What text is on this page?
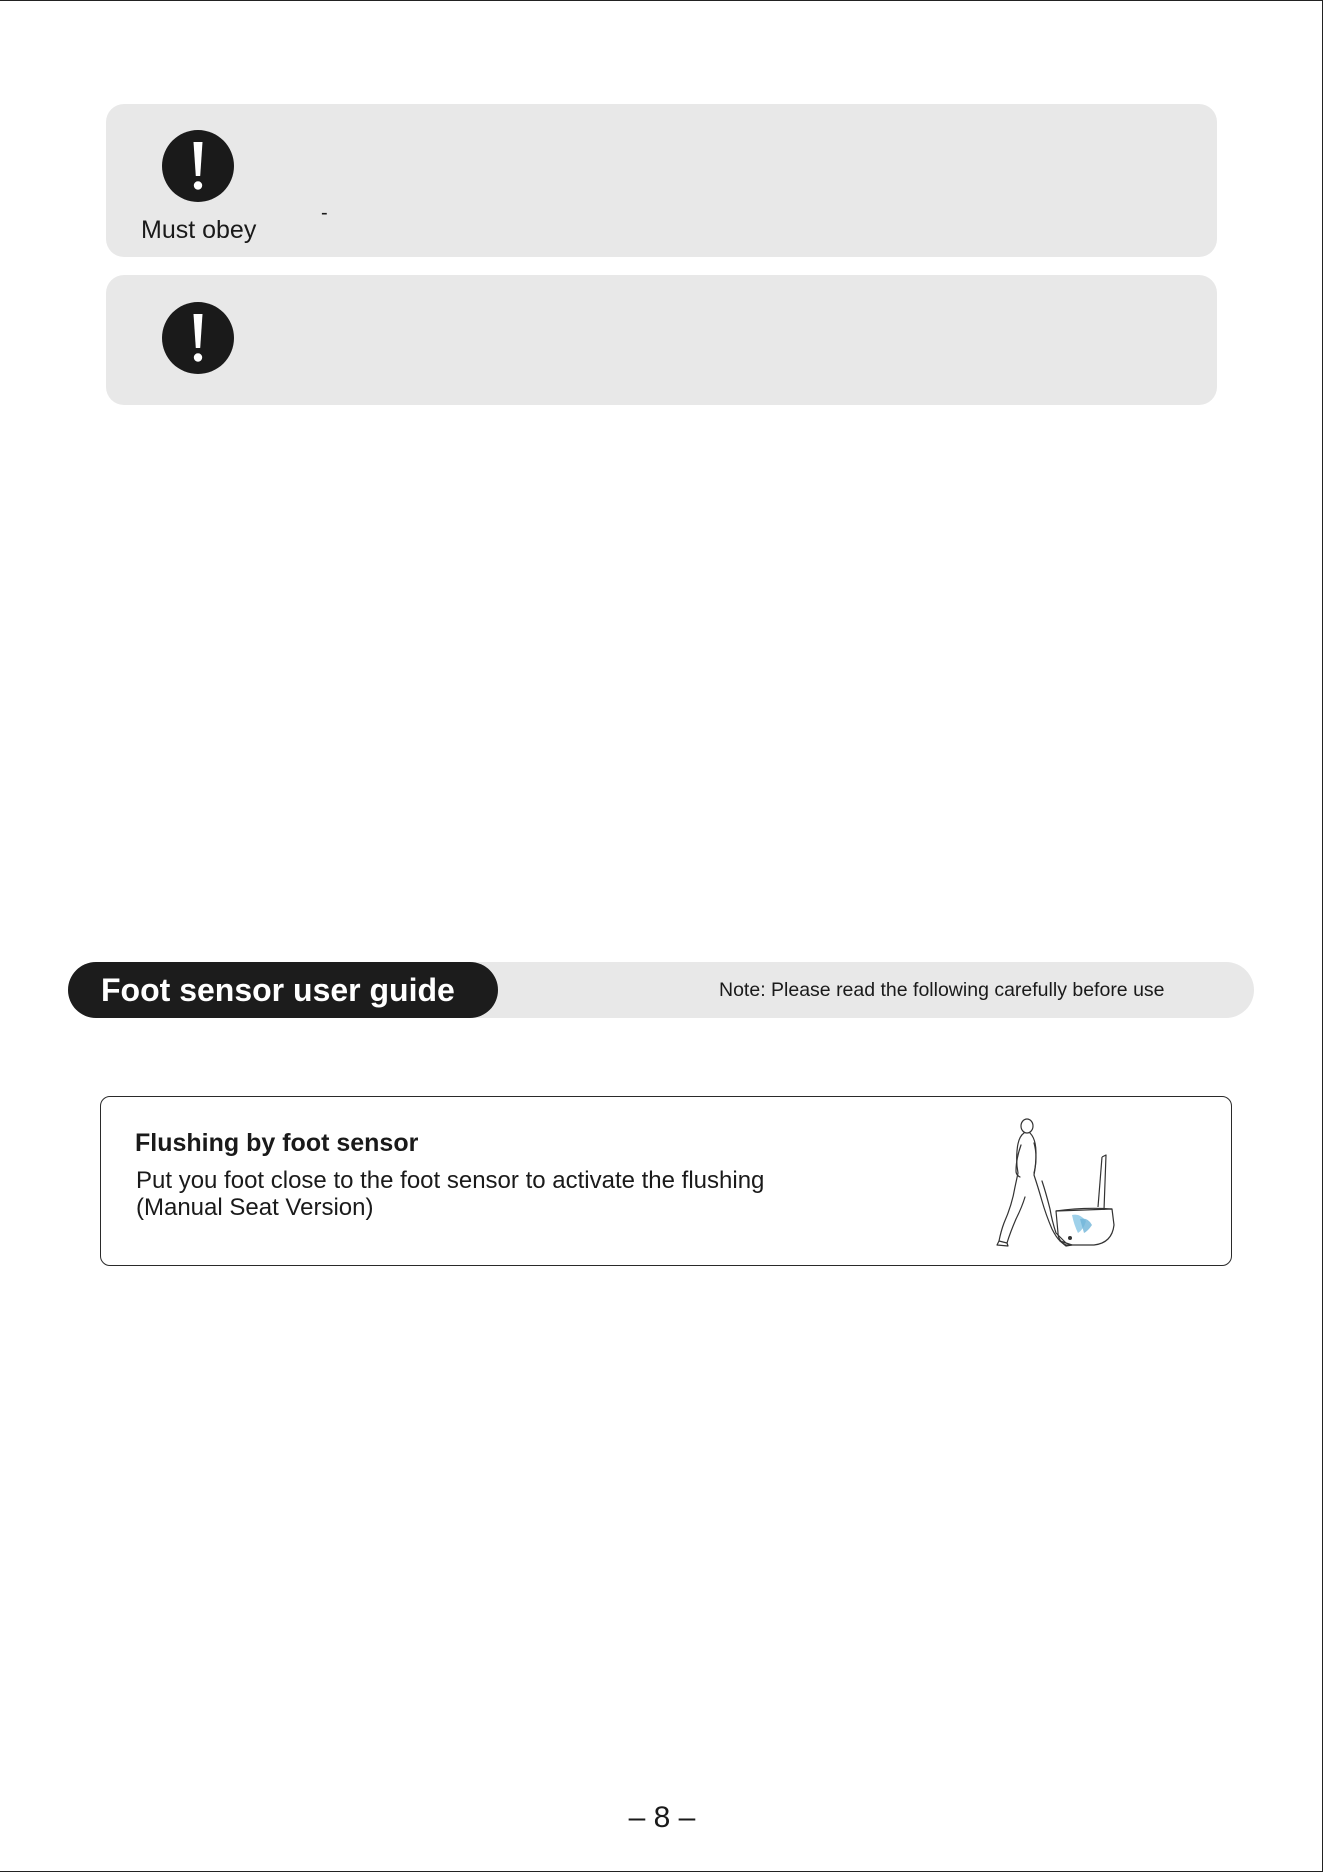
Must obey
-
Foot sensor user guide	Note: Please read the following carefully before use
Flushing by foot sensor
Put you foot close to the foot sensor to activate the flushing
(Manual Seat Version)
– 8 –
